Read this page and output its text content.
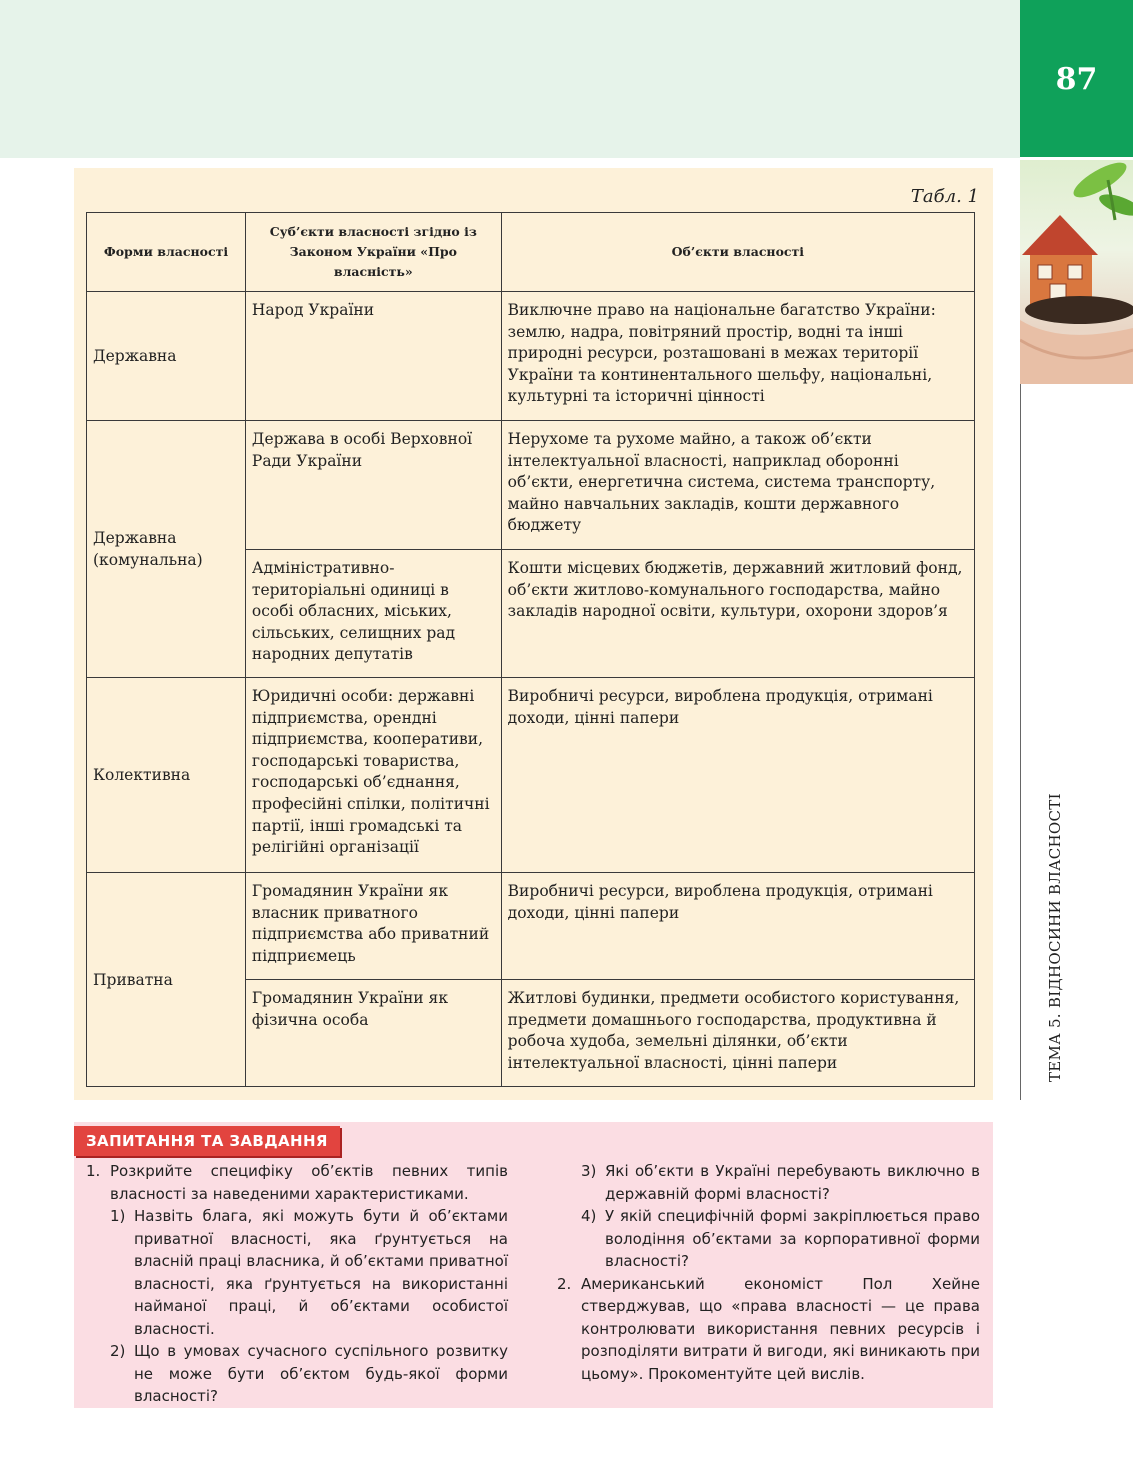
87
ТЕМА 5. ВІДНОСИНИ ВЛАСНОСТІ
Табл. 1
Форми власності	Суб’єкти власності згідно із Законом України «Про власність»	Об’єкти власності
Державна	Народ України	Виключне право на національне багатство України: землю, надра, повітряний простір, водні та інші природні ресурси, розташовані в межах території України та континентального шельфу, національні, культурні та історичні цінності
Державна (комунальна)	Держава в особі Верховної Ради України	Нерухоме та рухоме майно, а також об’єкти інтелектуальної власності, наприклад оборонні об’єкти, енергетична система, система транспорту, майно навчальних закладів, кошти державного бюджету
	Адміністративно-територіальні одиниці в особі обласних, міських, сільських, селищних рад народних депутатів	Кошти місцевих бюджетів, державний житловий фонд, об’єкти житлово-комунального господарства, майно закладів народної освіти, культури, охорони здоров’я
Колективна	Юридичні особи: державні підприємства, орендні підприємства, кооперативи, господарські товариства, господарські об’єднання, професійні спілки, політичні партії, інші громадські та релігійні організації	Виробничі ресурси, вироблена продукція, отримані доходи, цінні папери
Приватна	Громадянин України як власник приватного підприємства або приватний підприємець	Виробничі ресурси, вироблена продукція, отримані доходи, цінні папери
	Громадянин України як фізична особа	Житлові будинки, предмети особистого користування, предмети домашнього господарства, продуктивна й робоча худоба, земельні ділянки, об’єкти інтелектуальної власності, цінні папери
ЗАПИТАННЯ ТА ЗАВДАННЯ
1. Розкрийте специфіку об’єктів певних типів власності за наведеними характеристиками.
1) Назвіть блага, які можуть бути й об’єктами приватної власності, яка ґрунтується на власній праці власника, й об’єктами приватної власності, яка ґрунтується на використанні найманої праці, й об’єктами особистої власності.
2) Що в умовах сучасного суспільного розвитку не може бути об’єктом будь-якої форми власності?
3) Які об’єкти в Україні перебувають виключно в державній формі власності?
4) У якій специфічній формі закріплюється право володіння об’єктами за корпоративної форми власності?
2. Американський економіст Пол Хейне стверджував, що «права власності — це права контролювати використання певних ресурсів і розподіляти витрати й вигоди, які виникають при цьому». Прокоментуйте цей вислів.
